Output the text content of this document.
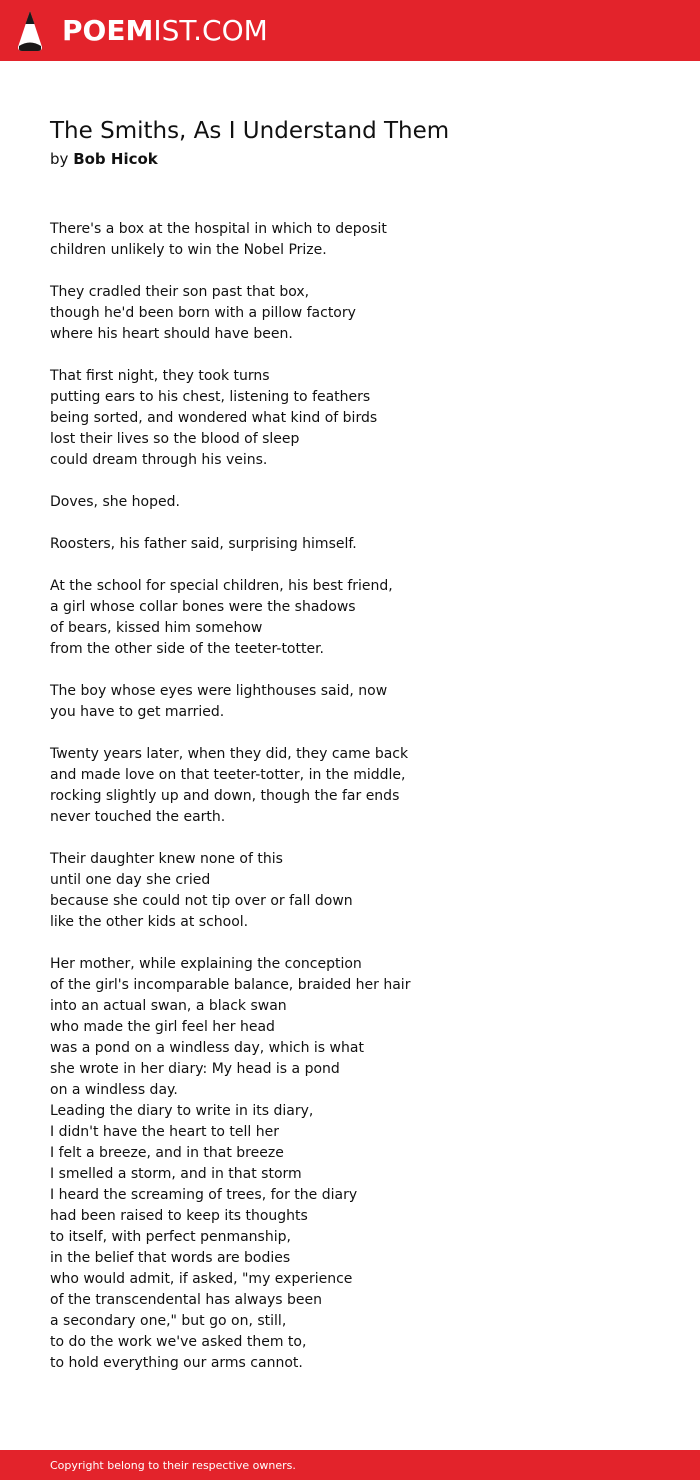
POEMIST.COM
The Smiths, As I Understand Them
by Bob Hicok
There's a box at the hospital in which to deposit
children unlikely to win the Nobel Prize.
They cradled their son past that box,
though he'd been born with a pillow factory
where his heart should have been.
That first night, they took turns
putting ears to his chest, listening to feathers
being sorted, and wondered what kind of birds
lost their lives so the blood of sleep
could dream through his veins.
Doves, she hoped.
Roosters, his father said, surprising himself.
At the school for special children, his best friend,
a girl whose collar bones were the shadows
of bears, kissed him somehow
from the other side of the teeter-totter.
The boy whose eyes were lighthouses said, now
you have to get married.
Twenty years later, when they did, they came back
and made love on that teeter-totter, in the middle,
rocking slightly up and down, though the far ends
never touched the earth.
Their daughter knew none of this
until one day she cried
because she could not tip over or fall down
like the other kids at school.
Her mother, while explaining the conception
of the girl's incomparable balance, braided her hair
into an actual swan, a black swan
who made the girl feel her head
was a pond on a windless day, which is what
she wrote in her diary: My head is a pond
on a windless day.
Leading the diary to write in its diary,
I didn't have the heart to tell her
I felt a breeze, and in that breeze
I smelled a storm, and in that storm
I heard the screaming of trees, for the diary
had been raised to keep its thoughts
to itself, with perfect penmanship,
in the belief that words are bodies
who would admit, if asked, "my experience
of the transcendental has always been
a secondary one," but go on, still,
to do the work we've asked them to,
to hold everything our arms cannot.
Copyright belong to their respective owners.
